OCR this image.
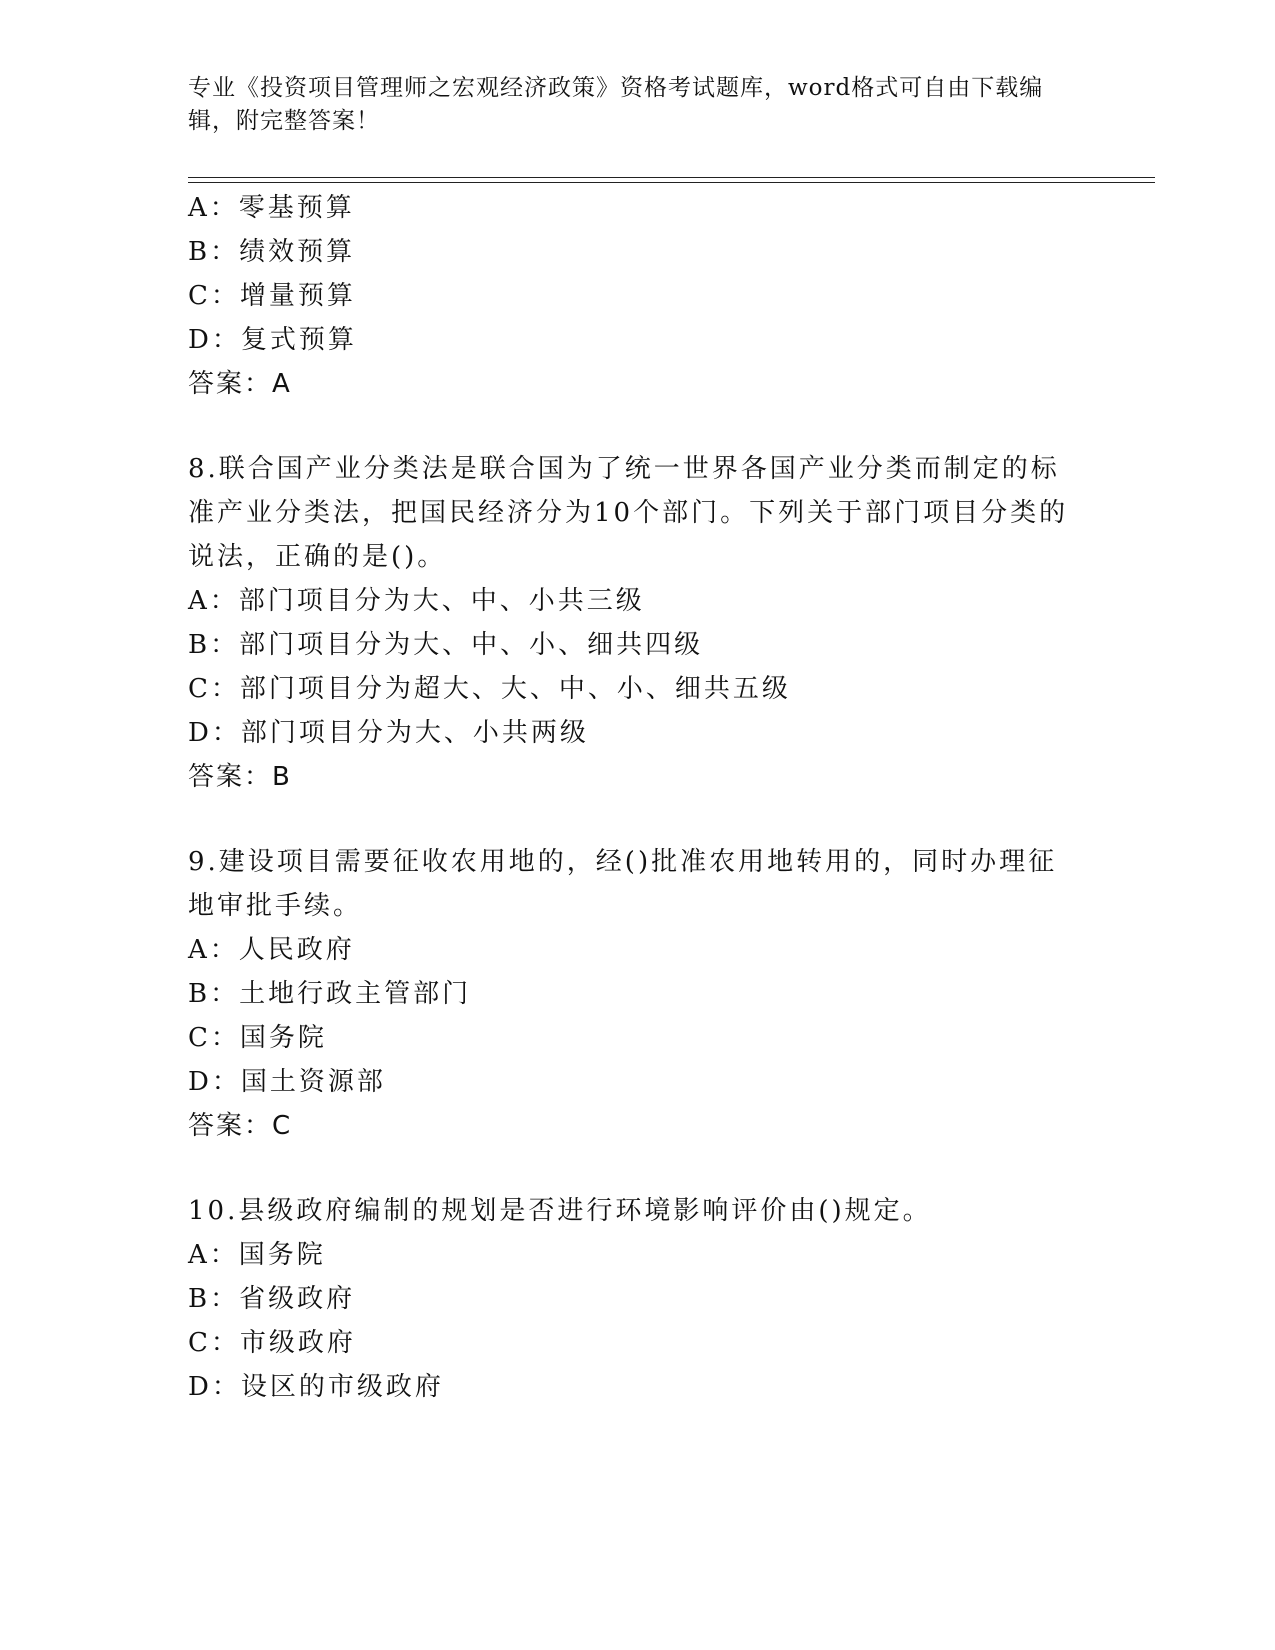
专业《投资项目管理师之宏观经济政策》资格考试题库，word格式可自由下载编
辑，附完整答案！
A：零基预算
B：绩效预算
C：增量预算
D：复式预算
答案：A
8.联合国产业分类法是联合国为了统一世界各国产业分类而制定的标
准产业分类法，把国民经济分为10个部门。下列关于部门项目分类的
说法，正确的是()。
A：部门项目分为大、中、小共三级
B：部门项目分为大、中、小、细共四级
C：部门项目分为超大、大、中、小、细共五级
D：部门项目分为大、小共两级
答案：B
9.建设项目需要征收农用地的，经()批准农用地转用的，同时办理征
地审批手续。
A：人民政府
B：土地行政主管部门
C：国务院
D：国土资源部
答案：C
10.县级政府编制的规划是否进行环境影响评价由()规定。
A：国务院
B：省级政府
C：市级政府
D：设区的市级政府
